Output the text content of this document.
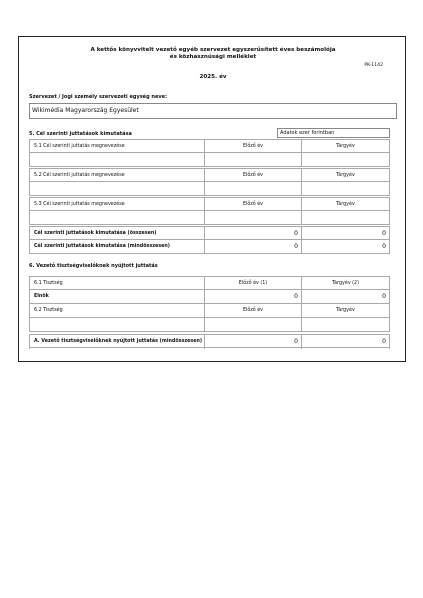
A kettős könyvvitelt vezető egyéb szervezet egyszerűsített éves beszámolója
és közhasznúsági melléklet
PK-1142
2025. év
Szervezet / Jogi személy szervezeti egység neve:
Wikimédia Magyarország Egyesület
5. Cél szerinti juttatások kimutatása	Adatok ezer forintban
5.1 Cél szerinti juttatás megnevezése	Előző év	Tárgyév
5.2 Cél szerinti juttatás megnevezése	Előző év	Tárgyév
5.3 Cél szerinti juttatás megnevezése	Előző év	Tárgyév
Cél szerinti juttatások kimutatása (összesen)	0	0
Cél szerinti juttatások kimutatása (mindösszesen)	0	0
6. Vezető tisztségviselőknek nyújtott juttatás
6.1 Tisztség	Előző év (1)	Tárgyév (2)
Elnök	0	0
6.2 Tisztség	Előző év	Tárgyév
A. Vezető tisztségviselőknek nyújtott juttatás (mindösszesen)	0	0
